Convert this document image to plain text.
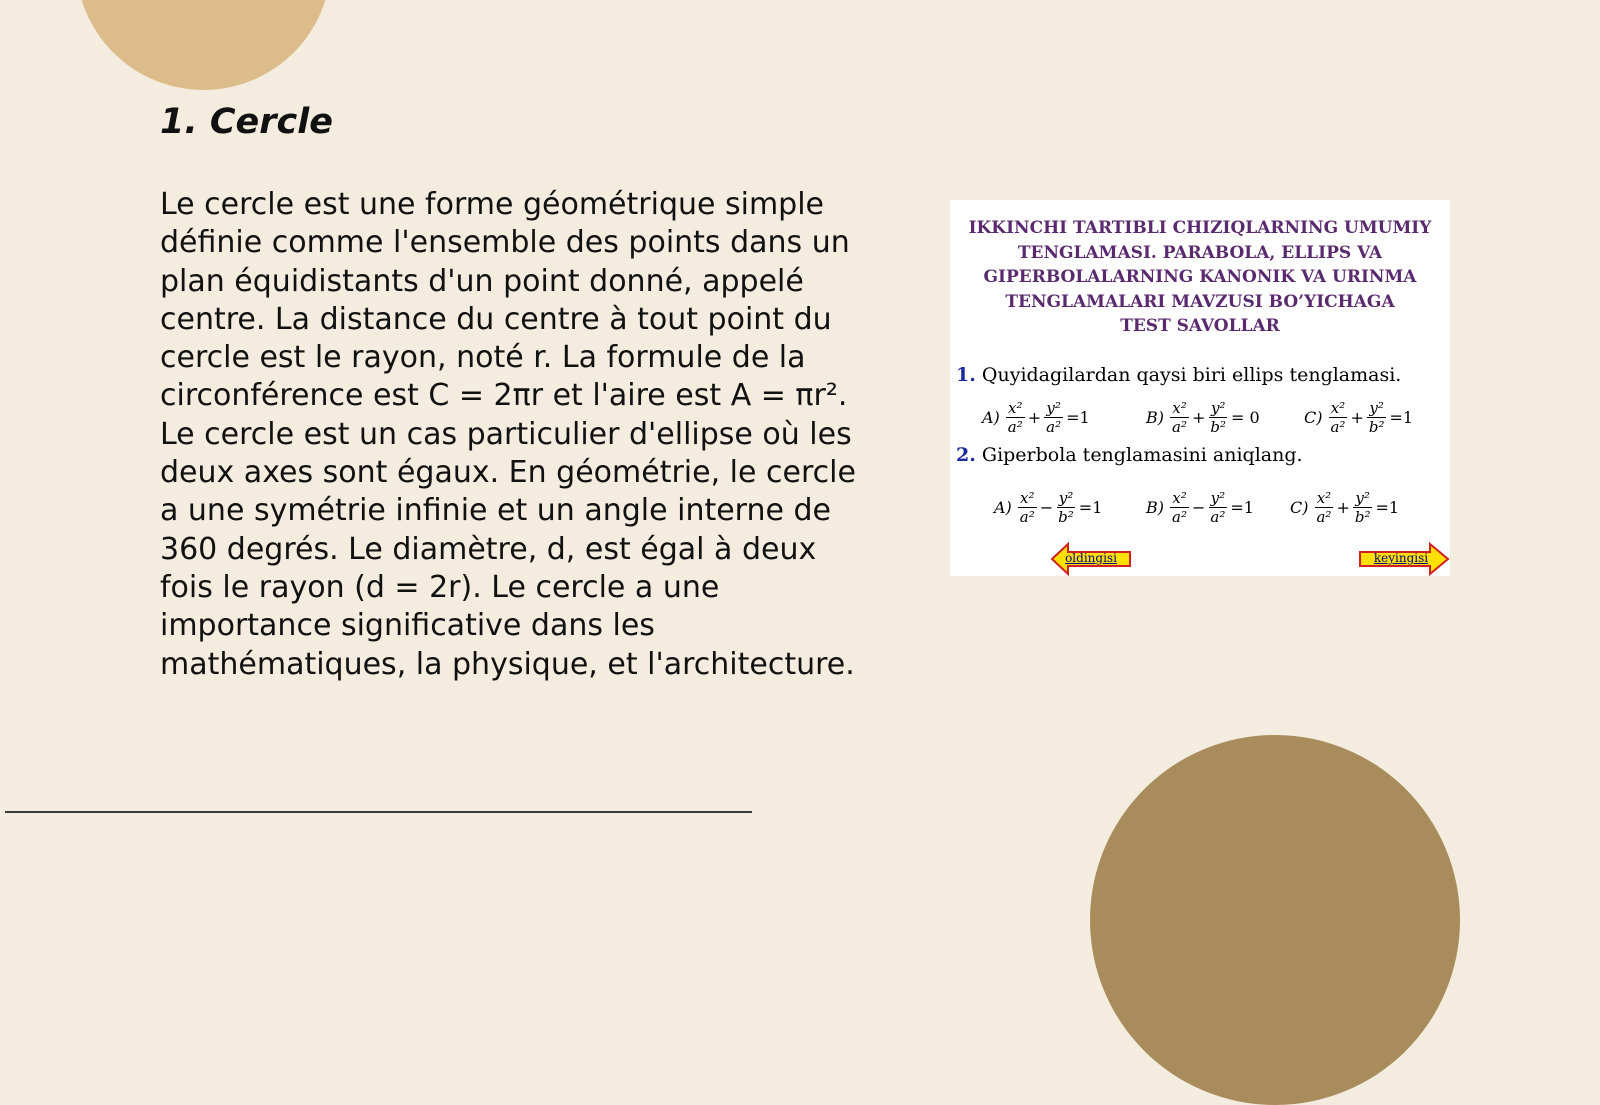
1. Cercle

Le cercle est une forme géométrique simple définie comme l'ensemble des points dans un plan équidistants d'un point donné, appelé centre. La distance du centre à tout point du cercle est le rayon, noté r. La formule de la circonférence est C = 2πr et l'aire est A = πr². Le cercle est un cas particulier d'ellipse où les deux axes sont égaux. En géométrie, le cercle a une symétrie infinie et un angle interne de 360 degrés. Le diamètre, d, est égal à deux fois le rayon (d = 2r). Le cercle a une importance significative dans les mathématiques, la physique, et l'architecture.

IKKINCHI TARTIBLI CHIZIQLARNING UMUMIY
TENGLAMASI. PARABOLA, ELLIPS VA
GIPERBOLALARNING KANONIK VA URINMA
TENGLAMALARI MAVZUSI BO’YICHAGA
TEST SAVOLLAR
1. Quyidagilardan qaysi biri ellips tenglamasi.
$A) \frac{\text{x²}}{\text{a²}} + \frac{\text{y²}}{\text{a²}} =1$	$B) \frac{\text{x²}}{\text{a²}} + \frac{\text{y²}}{\text{b²}} = 0$	$C) \frac{\text{x²}}{\text{a²}} + \frac{\text{y²}}{\text{b²}} =1$
2. Giperbola tenglamasini aniqlang.
$A) \frac{\text{x²}}{\text{a²}} - \frac{\text{y²}}{\text{b²}} =1$	$B) \frac{\text{x²}}{\text{a²}} - \frac{\text{y²}}{\text{a²}} =1$ $C) \frac{\text{x²}}{\text{a²}} + \frac{\text{y²}}{\text{b²}} =1$
oldingisi	keyingisi
